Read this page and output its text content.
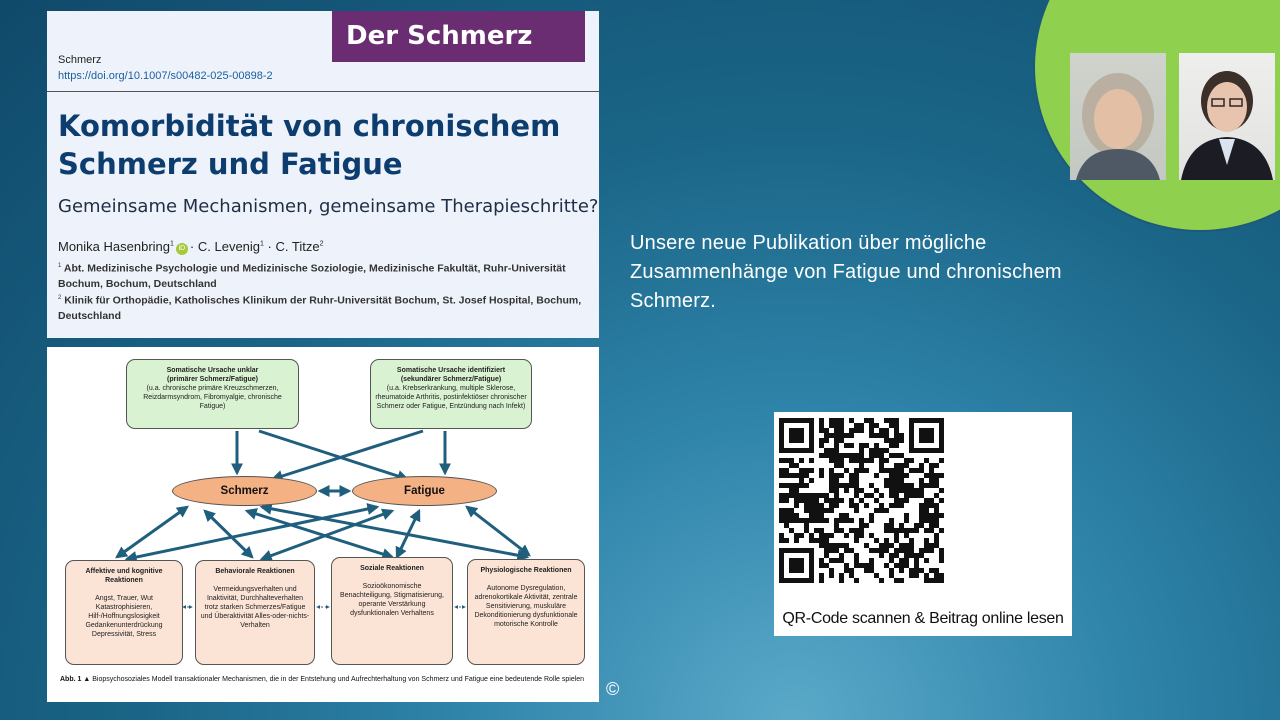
Der Schmerz
Schmerz
https://doi.org/10.1007/s00482-025-00898-2
Komorbidität von chronischem Schmerz und Fatigue
Gemeinsame Mechanismen, gemeinsame Therapieschritte?
Monika Hasenbring$^1$iD · C. Levenig$^1$ · C. Titze$^2$
$^1$ Abt. Medizinische Psychologie und Medizinische Soziologie, Medizinische Fakultät, Ruhr-Universität Bochum, Bochum, Deutschland
$^2$ Klinik für Orthopädie, Katholisches Klinikum der Ruhr-Universität Bochum, St. Josef Hospital, Bochum, Deutschland
Somatische Ursache unklar
(primärer Schmerz/Fatigue)
(u.a. chronische primäre Kreuzschmerzen, Reizdarmsyndrom, Fibromyalgie, chronische Fatigue)
Somatische Ursache identifiziert
(sekundärer Schmerz/Fatigue)
(u.a. Krebserkrankung, multiple Sklerose, rheumatoide Arthritis, postinfektiöser chronischer Schmerz oder Fatigue, Entzündung nach Infekt)
Schmerz	Fatigue
Affektive und kognitive Reaktionen

Angst, Trauer, Wut Katastrophisieren, Hilf-/Hoffnungslosigkeit Gedankenunterdrückung Depressivität, Stress
Behaviorale Reaktionen

Vermeidungsverhalten und Inaktivität, Durchhalteverhalten trotz starken Schmerzes/Fatigue und Überaktivität Alles-oder-nichts-Verhalten
Soziale Reaktionen

Sozioökonomische Benachteiligung, Stigmatisierung, operante Verstärkung dysfunktionalen Verhaltens
Physiologische Reaktionen

Autonome Dysregulation, adrenokortikale Aktivität, zentrale Sensitivierung, muskuläre Dekonditionierung dysfunktionale motorische Kontrolle
Abb. 1 ▲ Biopsychosoziales Modell transaktionaler Mechanismen, die in der Entstehung und Aufrechterhaltung von Schmerz und Fatigue eine bedeutende Rolle spielen
Unsere neue Publikation über mögliche Zusammenhänge von Fatigue und chronischem Schmerz.
QR-Code scannen & Beitrag online lesen
©
